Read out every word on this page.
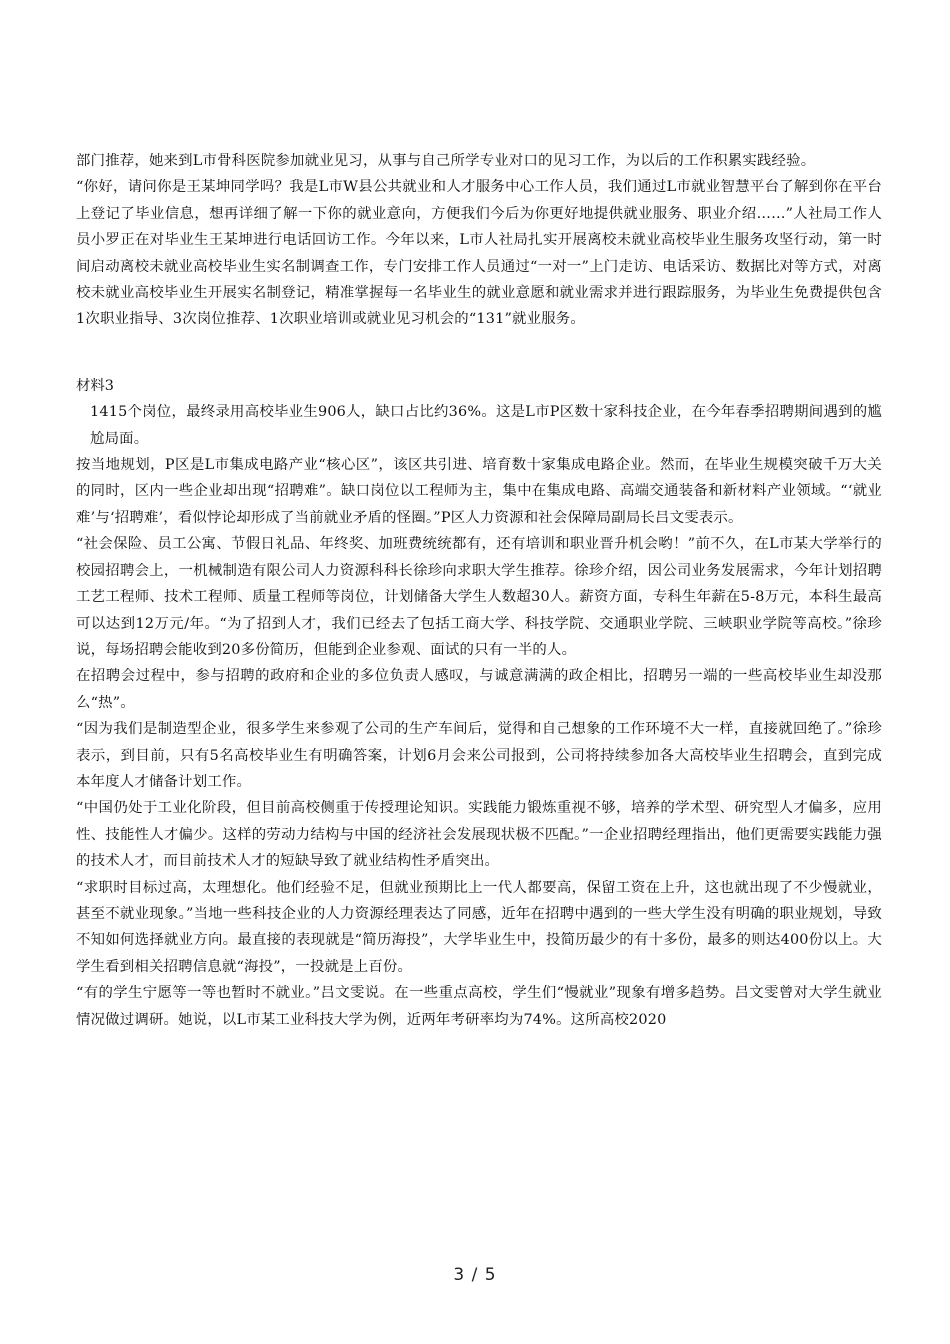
部门推荐，她来到L市骨科医院参加就业见习，从事与自己所学专业对口的见习工作，为以后的工作积累实践经验。

“你好，请问你是王某坤同学吗？我是L市W县公共就业和人才服务中心工作人员，我们通过L市就业智慧平台了解到你在平台上登记了毕业信息，想再详细了解一下你的就业意向，方便我们今后为你更好地提供就业服务、职业介绍……”人社局工作人员小罗正在对毕业生王某坤进行电话回访工作。今年以来，L市人社局扎实开展离校未就业高校毕业生服务攻坚行动，第一时间启动离校未就业高校毕业生实名制调查工作，专门安排工作人员通过“一对一”上门走访、电话采访、数据比对等方式，对离校未就业高校毕业生开展实名制登记，精准掌握每一名毕业生的就业意愿和就业需求并进行跟踪服务，为毕业生免费提供包含1次职业指导、3次岗位推荐、1次职业培训或就业见习机会的“131”就业服务。

材料3

1415个岗位，最终录用高校毕业生906人，缺口占比约36%。这是L市P区数十家科技企业，在今年春季招聘期间遇到的尴尬局面。

按当地规划，P区是L市集成电路产业“核心区”，该区共引进、培育数十家集成电路企业。然而，在毕业生规模突破千万大关的同时，区内一些企业却出现“招聘难”。缺口岗位以工程师为主，集中在集成电路、高端交通装备和新材料产业领域。“‘就业难’与‘招聘难’，看似悖论却形成了当前就业矛盾的怪圈。”P区人力资源和社会保障局副局长吕文雯表示。

“社会保险、员工公寓、节假日礼品、年终奖、加班费统统都有，还有培训和职业晋升机会哟！”前不久，在L市某大学举行的校园招聘会上，一机械制造有限公司人力资源科科长徐珍向求职大学生推荐。徐珍介绍，因公司业务发展需求，今年计划招聘工艺工程师、技术工程师、质量工程师等岗位，计划储备大学生人数超30人。薪资方面，专科生年薪在5-8万元，本科生最高可以达到12万元/年。“为了招到人才，我们已经去了包括工商大学、科技学院、交通职业学院、三峡职业学院等高校。”徐珍说，每场招聘会能收到20多份简历，但能到企业参观、面试的只有一半的人。

在招聘会过程中，参与招聘的政府和企业的多位负责人感叹，与诚意满满的政企相比，招聘另一端的一些高校毕业生却没那么“热”。

“因为我们是制造型企业，很多学生来参观了公司的生产车间后，觉得和自己想象的工作环境不大一样，直接就回绝了。”徐珍表示，到目前，只有5名高校毕业生有明确答案，计划6月会来公司报到，公司将持续参加各大高校毕业生招聘会，直到完成本年度人才储备计划工作。

“中国仍处于工业化阶段，但目前高校侧重于传授理论知识。实践能力锻炼重视不够，培养的学术型、研究型人才偏多，应用性、技能性人才偏少。这样的劳动力结构与中国的经济社会发展现状极不匹配。”一企业招聘经理指出，他们更需要实践能力强的技术人才，而目前技术人才的短缺导致了就业结构性矛盾突出。

“求职时目标过高，太理想化。他们经验不足，但就业预期比上一代人都要高，保留工资在上升，这也就出现了不少慢就业，甚至不就业现象。”当地一些科技企业的人力资源经理表达了同感，近年在招聘中遇到的一些大学生没有明确的职业规划，导致不知如何选择就业方向。最直接的表现就是“简历海投”，大学毕业生中，投简历最少的有十多份，最多的则达400份以上。大学生看到相关招聘信息就“海投”，一投就是上百份。

“有的学生宁愿等一等也暂时不就业。”吕文雯说。在一些重点高校，学生们“慢就业”现象有增多趋势。吕文雯曾对大学生就业情况做过调研。她说，以L市某工业科技大学为例，近两年考研率均为74%。这所高校2020

3 / 5
